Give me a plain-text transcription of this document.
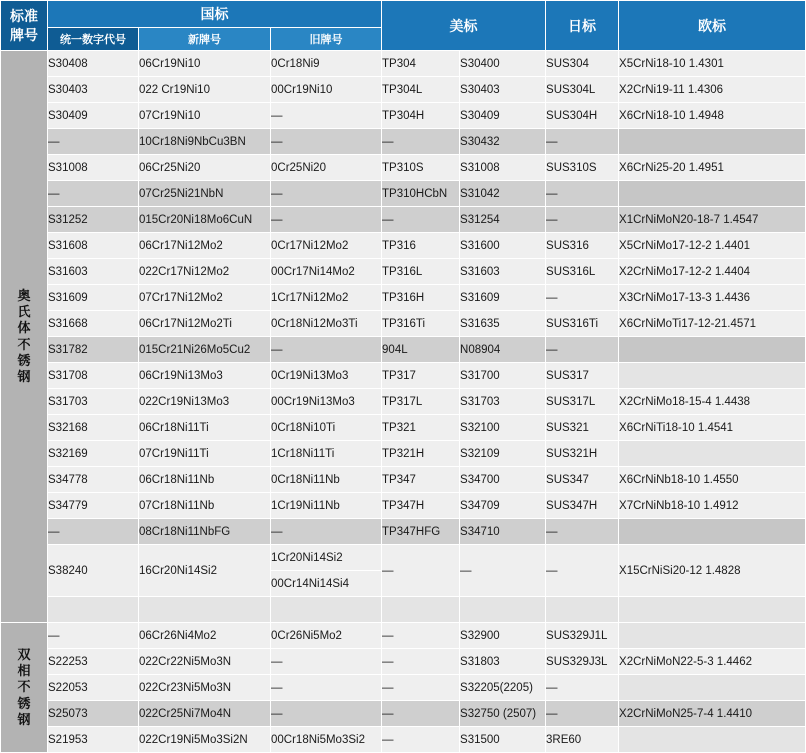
标准
牌号	国标			美标		日标	欧标
	统一数字代号	新牌号	旧牌号				

奥
氏
体
不
锈
钢
	S30408	06Cr19Ni10	0Cr18Ni9	TP304	S30400	SUS304	X5CrNi18-10 1.4301
	S30403	022 Cr19Ni10	00Cr19Ni10	TP304L	S30403	SUS304L	X2CrNi19-11 1.4306
	S30409	07Cr19Ni10	—	TP304H	S30409	SUS304H	X6CrNi18-10 1.4948
	—	10Cr18Ni9NbCu3BN	—	—	S30432	—	
	S31008	06Cr25Ni20	0Cr25Ni20	TP310S	S31008	SUS310S	X6CrNi25-20 1.4951
	—	07Cr25Ni21NbN	—	TP310HCbN	S31042	—	
	S31252	015Cr20Ni18Mo6CuN	—	—	S31254	—	X1CrNiMoN20-18-7 1.4547
	S31608	06Cr17Ni12Mo2	0Cr17Ni12Mo2	TP316	S31600	SUS316	X5CrNiMo17-12-2 1.4401
	S31603	022Cr17Ni12Mo2	00Cr17Ni14Mo2	TP316L	S31603	SUS316L	X2CrNiMo17-12-2 1.4404
	S31609	07Cr17Ni12Mo2	1Cr17Ni12Mo2	TP316H	S31609	—	X3CrNiMo17-13-3 1.4436
	S31668	06Cr17Ni12Mo2Ti	0Cr18Ni12Mo3Ti	TP316Ti	S31635	SUS316Ti	X6CrNiMoTi17-12-21.4571
	S31782	015Cr21Ni26Mo5Cu2	—	904L	N08904	—	
	S31708	06Cr19Ni13Mo3	0Cr19Ni13Mo3	TP317	S31700	SUS317	
	S31703	022Cr19Ni13Mo3	00Cr19Ni13Mo3	TP317L	S31703	SUS317L	X2CrNiMo18-15-4 1.4438
	S32168	06Cr18Ni11Ti	0Cr18Ni10Ti	TP321	S32100	SUS321	X6CrNiTi18-10 1.4541
	S32169	07Cr19Ni11Ti	1Cr18Ni11Ti	TP321H	S32109	SUS321H	
	S34778	06Cr18Ni11Nb	0Cr18Ni11Nb	TP347	S34700	SUS347	X6CrNiNb18-10 1.4550
	S34779	07Cr18Ni11Nb	1Cr19Ni11Nb	TP347H	S34709	SUS347H	X7CrNiNb18-10 1.4912
	—	08Cr18Ni11NbFG	—	TP347HFG	S34710	—	
	S38240	16Cr20Ni14Si2	1Cr20Ni14Si2	—	—	—	X15CrNiSi20-12 1.4828
			00Cr14Ni14Si4				

双
相
不
锈
钢	—	06Cr26Ni4Mo2	0Cr26Ni5Mo2	—	S32900	SUS329J1L	
	S22253	022Cr22Ni5Mo3N	—	—	S31803	SUS329J3L	X2CrNiMoN22-5-3 1.4462
	S22053	022Cr23Ni5Mo3N	—	—	S32205(2205)	—	
	S25073	022Cr25Ni7Mo4N	—	—	S32750 (2507)	—	X2CrNiMoN25-7-4 1.4410
	S21953	022Cr19Ni5Mo3Si2N	00Cr18Ni5Mo3Si2	—	S31500	3RE60	
